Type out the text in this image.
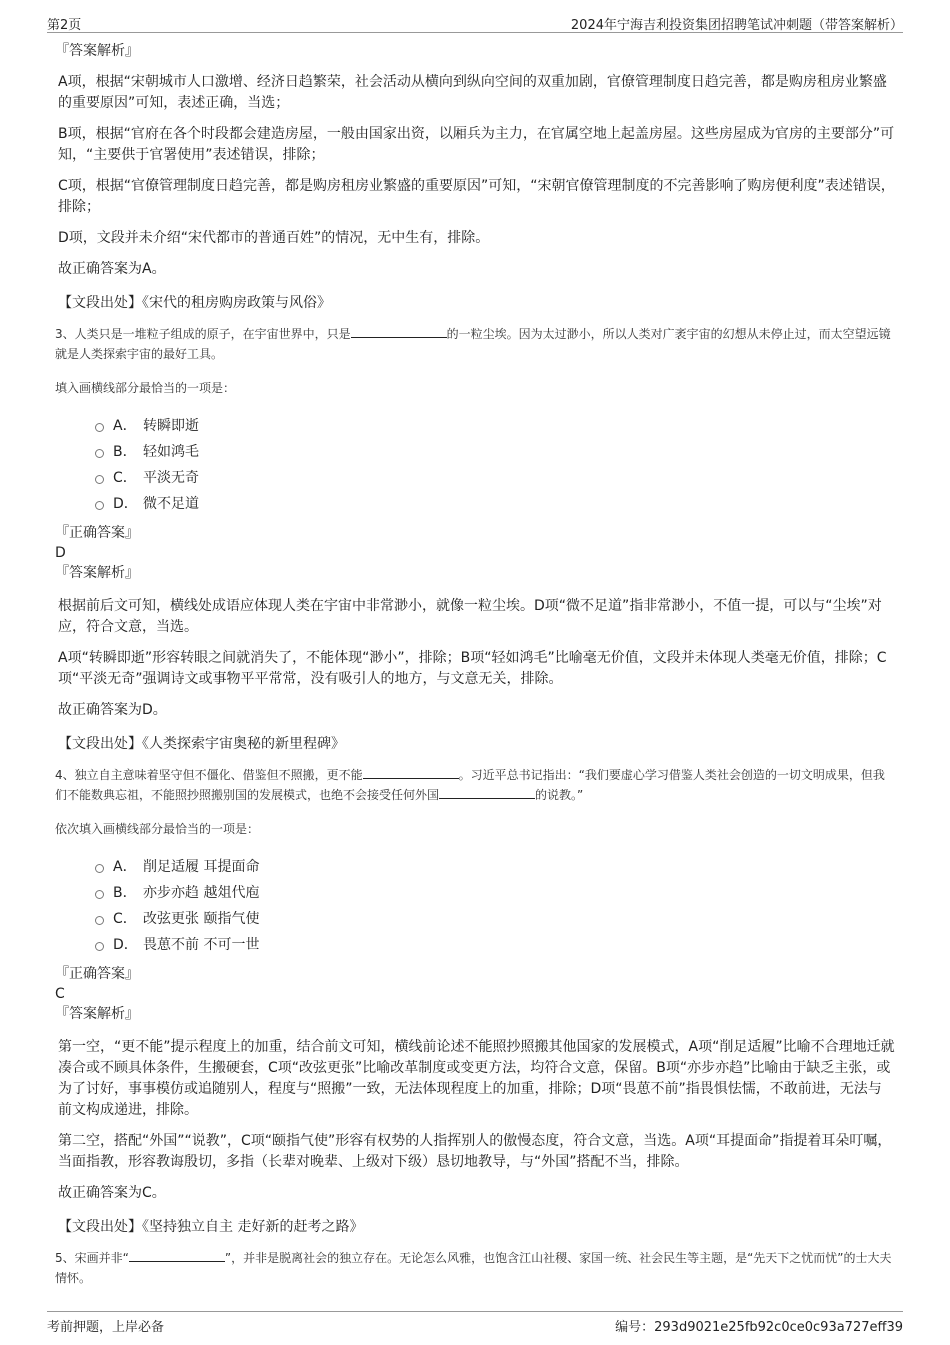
第2页	2024年宁海吉利投资集团招聘笔试冲刺题（带答案解析）

『答案解析』

A项，根据“宋朝城市人口激增、经济日趋繁荣，社会活动从横向到纵向空间的双重加剧，官僚管理制度日趋完善，都是购房租房业繁盛的重要原因”可知，表述正确，当选；

B项，根据“官府在各个时段都会建造房屋，一般由国家出资，以厢兵为主力，在官属空地上起盖房屋。这些房屋成为官房的主要部分”可知，“主要供于官署使用”表述错误，排除；

C项，根据“官僚管理制度日趋完善，都是购房租房业繁盛的重要原因”可知，“宋朝官僚管理制度的不完善影响了购房便利度”表述错误，排除；

D项，文段并未介绍“宋代都市的普通百姓”的情况，无中生有，排除。

故正确答案为A。

【文段出处】《宋代的租房购房政策与风俗》

3、人类只是一堆粒子组成的原子，在宇宙世界中，只是	的一粒尘埃。因为太过渺小，所以人类对广袤宇宙的幻想从未停止过，而太空望远镜就是人类探索宇宙的最好工具。

填入画横线部分最恰当的一项是：

A． 转瞬即逝
B． 轻如鸿毛
C． 平淡无奇
D． 微不足道

『正确答案』

D

『答案解析』

根据前后文可知，横线处成语应体现人类在宇宙中非常渺小，就像一粒尘埃。D项“微不足道”指非常渺小，不值一提，可以与“尘埃”对应，符合文意，当选。

A项“转瞬即逝”形容转眼之间就消失了，不能体现“渺小”，排除；B项“轻如鸿毛”比喻毫无价值，文段并未体现人类毫无价值，排除；C项“平淡无奇”强调诗文或事物平平常常，没有吸引人的地方，与文意无关，排除。

故正确答案为D。

【文段出处】《人类探索宇宙奥秘的新里程碑》

4、独立自主意味着坚守但不僵化、借鉴但不照搬，更不能	。习近平总书记指出：“我们要虚心学习借鉴人类社会创造的一切文明成果，但我们不能数典忘祖，不能照抄照搬别国的发展模式，也绝不会接受任何外国	的说教。”

依次填入画横线部分最恰当的一项是：

A． 削足适履 耳提面命
B． 亦步亦趋 越俎代庖
C． 改弦更张 颐指气使
D． 畏葸不前 不可一世

『正确答案』

C

『答案解析』

第一空，“更不能”提示程度上的加重，结合前文可知，横线前论述不能照抄照搬其他国家的发展模式，A项“削足适履”比喻不合理地迁就凑合或不顾具体条件，生搬硬套，C项“改弦更张”比喻改革制度或变更方法，均符合文意，保留。B项“亦步亦趋”比喻由于缺乏主张，或为了讨好，事事模仿或追随别人，程度与“照搬”一致，无法体现程度上的加重，排除；D项“畏葸不前”指畏惧怯懦，不敢前进，无法与前文构成递进，排除。

第二空，搭配“外国”“说教”，C项“颐指气使”形容有权势的人指挥别人的傲慢态度，符合文意，当选。A项“耳提面命”指提着耳朵叮嘱，当面指教，形容教诲殷切，多指（长辈对晚辈、上级对下级）恳切地教导，与“外国”搭配不当，排除。

故正确答案为C。

【文段出处】《坚持独立自主 走好新的赶考之路》

5、宋画并非“	”，并非是脱离社会的独立存在。无论怎么风雅，也饱含江山社稷、家国一统、社会民生等主题，是“先天下之忧而忧”的士大夫情怀。

考前押题，上岸必备	编号：293d9021e25fb92c0ce0c93a727eff39
